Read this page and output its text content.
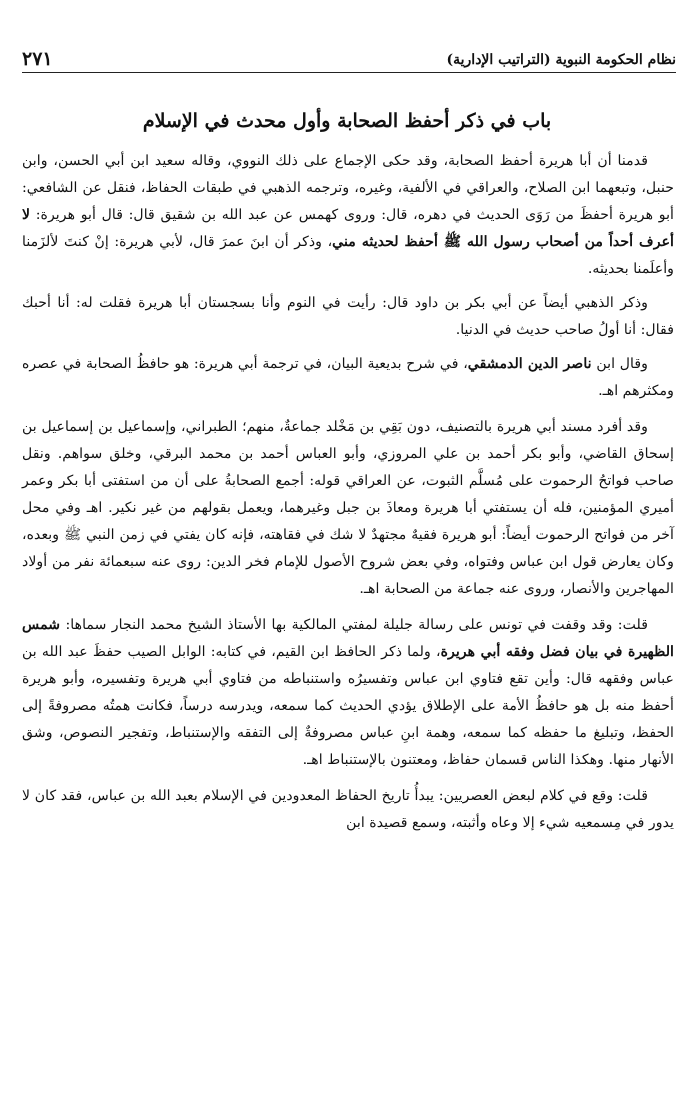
نظام الحكومة النبوية (التراتيب الإدارية)
٢٧١
باب في ذكر أحفظ الصحابة وأول محدث في الإسلام

قدمنا أن أبا هريرة أحفظ الصحابة، وقد حكى الإجماع على ذلك النووي، وقاله سعيد ابن أبي الحسن، وابن حنبل، وتبعهما ابن الصلاح، والعراقي في الألفية، وغيره، وترجمه الذهبي في طبقات الحفاظ، فنقل عن الشافعي: أبو هريرة أحفظَ من رَوَى الحديث في دهره، قال: وروى كهمس عن عبد الله بن شقيق قال: قال أبو هريرة: لا أعرف أحداً من أصحاب رسول الله ﷺ أحفظ لحديثه مني، وذكر أن ابنَ عمرَ قال، لأبي هريرة: إنْ كنتَ لألزَمنا وأعلَمنا بحديثه.

وذكر الذهبي أيضاً عن أبي بكر بن داود قال: رأيت في النوم وأنا بسجستان أبا هريرة فقلت له: أنا أحبك فقال: أنا أولُ صاحب حديث في الدنيا.

وقال ابن ناصر الدين الدمشقي، في شرح بديعية البيان، في ترجمة أبي هريرة: هو حافظُ الصحابة في عصره ومكثرهم اهـ.

وقد أفرد مسند أبي هريرة بالتصنيف، دون بَقِي بن مَخْلد جماعةٌ، منهم؛ الطبراني، وإسماعيل بن إسماعيل بن إسحاق القاضي، وأبو بكر أحمد بن علي المروزي، وأبو العباس أحمد بن محمد البرقي، وخلق سواهم. ونقل صاحب فواتحُ الرحموت على مُسلَّم الثبوت، عن العراقي قوله: أجمع الصحابةُ على أن من استفتى أبا بكر وعمر أميري المؤمنين، فله أن يستفتي أبا هريرة ومعاذَ بن جبل وغيرهما، ويعمل بقولهم من غير نكير. اهـ وفي محل آخر من فواتح الرحموت أيضاً: أبو هريرة فقيهٌ مجتهدٌ لا شك في فقاهته، فإنه كان يفتي في زمن النبي ﷺ وبعده، وكان يعارض قول ابن عباس وفتواه، وفي بعض شروح الأصول للإمام فخر الدين: روى عنه سبعمائة نفر من أولاد المهاجرين والأنصار، وروى عنه جماعة من الصحابة اهـ.

قلت: وقد وقفت في تونس على رسالة جليلة لمفتي المالكية بها الأستاذ الشيخ محمد النجار سماها: شمس الظهيرة في بيان فضل وفقه أبي هريرة، ولما ذكر الحافظ ابن القيم، في كتابه: الوابل الصيب حفظَ عبد الله بن عباس وفقهه قال: وأين تقع فتاوي ابن عباس وتفسيرُه واستنباطه من فتاوي أبي هريرة وتفسيره، وأبو هريرة أحفظ منه بل هو حافظُ الأمة على الإطلاق يؤدي الحديث كما سمعه، ويدرسه درساً، فكانت همتُه مصروفةً إلى الحفظ، وتبليغ ما حفظه كما سمعه، وهمة ابنِ عباس مصروفةٌ إلى التفقه والإستنباط، وتفجير النصوص، وشق الأنهار منها. وهكذا الناس قسمان حفاظ، ومعتنون بالإستنباط اهـ.

قلت: وقع في كلام لبعض العصريين: يبدأُ تاريخ الحفاظ المعدودين في الإسلام بعبد الله بن عباس، فقد كان لا يدور في مِسمعيه شيء إلا وعاه وأثبته، وسمع قصيدة ابن
